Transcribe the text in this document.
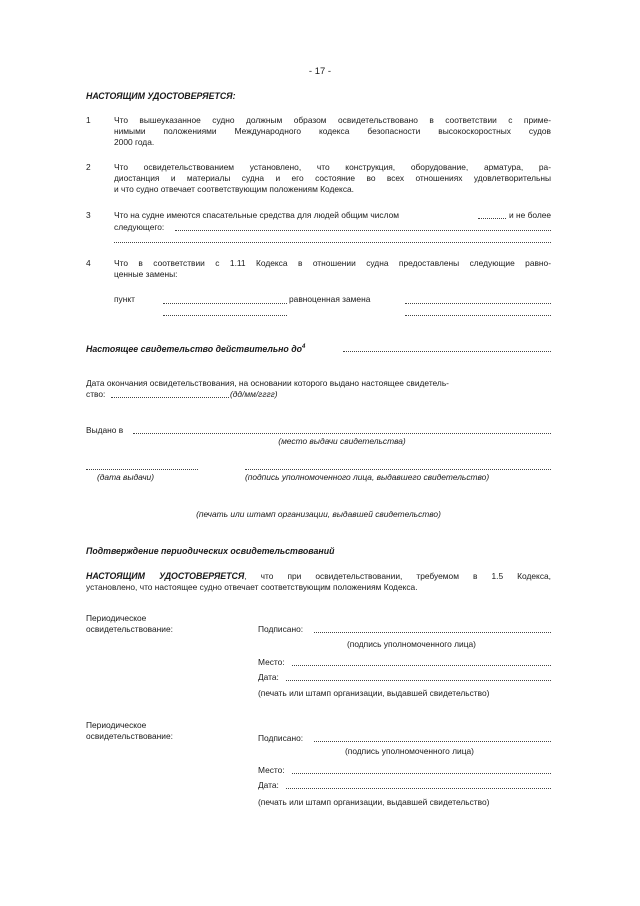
- 17 -
НАСТОЯЩИМ УДОСТОВЕРЯЕТСЯ:
1	Что вышеуказанное судно должным образом освидетельствовано в соответствии с приме-
нимыми положениями Международного кодекса безопасности высокоскоростных судов
2000 года.
2	Что освидетельствованием установлено, что конструкция, оборудование, арматура, ра-
диостанция и материалы судна и его состояние во всех отношениях удовлетворительны
и что судно отвечает соответствующим положениям Кодекса.
3	Что на судне имеются спасательные средства для людей общим числом	и не более
следующего:
4	Что в соответствии с 1.11 Кодекса в отношении судна предоставлены следующие равно-
ценные замены:
пункт	равноценная замена
Настоящее свидетельство действительно $до^4$
Дата окончания освидетельствования, на основании которого выдано настоящее свидетель-
ство:	(дд/мм/гггг)
Выдано в
(место выдачи свидетельства)
(дата выдачи)	(подпись уполномоченного лица, выдавшего свидетельство)
(печать или штамп организации, выдавшей свидетельство)
Подтверждение периодических освидетельствований
НАСТОЯЩИМ УДОСТОВЕРЯЕТСЯ, что при освидетельствовании, требуемом в 1.5 Кодекса,
установлено, что настоящее судно отвечает соответствующим положениям Кодекса.
Периодическое
освидетельствование:	Подписано:
(подпись уполномоченного лица)
Место:
Дата:
(печать или штамп организации, выдавшей свидетельство)
Периодическое
освидетельствование:	Подписано:
(подпись уполномоченного лица)
Место:
Дата:
(печать или штамп организации, выдавшей свидетельство)
